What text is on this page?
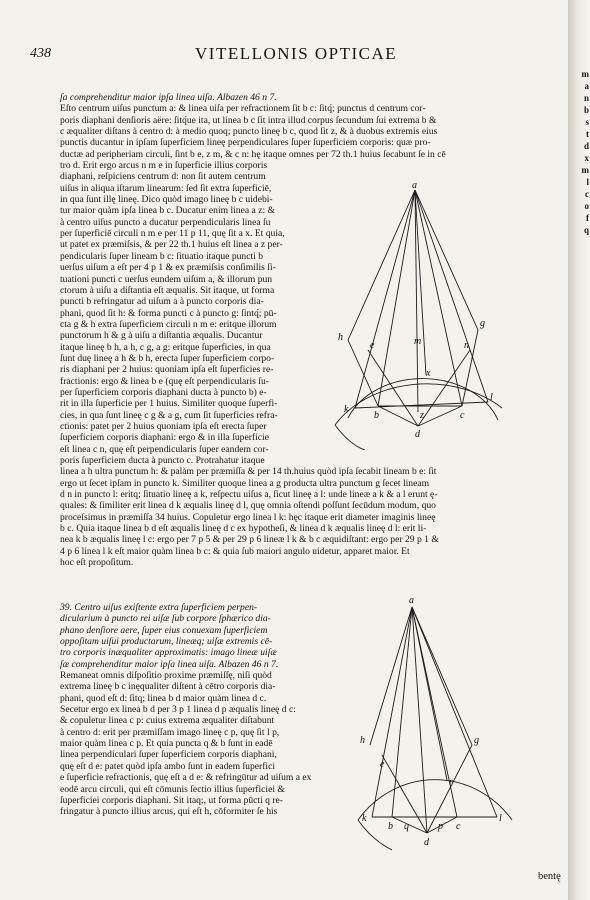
m
a
n
b
s
t
d
x
m
l
c
o
f
q
438	VITELLONIS OPTICAE
ſa comprehenditur maior ipſa linea uiſa. Albazen 46 n 7.
Eſto centrum uiſus punctum a: & linea uiſa per refractionem ſit b c: ſitq́; punctus d centrum cor-
poris diaphani denſioris aëre: ſitq́ue ita, ut linea b c ſit intra illud corpus ſecundum ſui extrema b &
c æqualiter diſtans à centro d: à medio quoq; puncto lineę b c, quod ſit z, & à duobus extremis eius
punctis ducantur in ipſam ſuperficiem lineę perpendiculares ſuper ſuperficiem corporis: quæ pro-
ductæ ad peripheriam circuli, ſint b e, z m, & c n: hę itaque omnes per 72 th.1 huius ſecabunt ſe in cē
tro d. Erit ergo arcus n m e in ſuperficie illius corporis
diaphani, reſpiciens centrum d: non ſit autem centrum
uiſus in aliqua iſtarum linearum: ſed ſit extra ſuperficiē,
in qua ſunt illę lineę. Dico quòd imago lineę b c uidebi-
tur maior quàm ipſa linea b c. Ducatur enim linea a z: &
à centro uiſus puncto a ducatur perpendicularis linea ſu
per ſuperficiē circuli n m e per 11 p 11, quę ſit a x. Et quia,
ut patet ex præmiſsis, & per 22 th.1 huius eſt linea a z per-
pendicularis ſuper lineam b c: ſituatio itaque puncti b
uerſus uiſum a eſt per 4 p 1 & ex præmiſsis conſimilis ſi-
tuationi puncti c uerſus eundem uiſum a, & illorum pun
ctorum à uiſu a diſtantia eſt æqualis. Sit itaque, ut forma
puncti b refringatur ad uiſum a à puncto corporis dia-
phani, quod ſit h: & forma puncti c à puncto g: ſintq́; pū-
cta g & h extra ſuperficiem circuli n m e: eritque illorum
punctorum h & g à uiſu a diſtantia æqualis. Ducantur
itaque lineę b h, a h, c g, a g: eritque ſuperficies, in qua
ſunt duę lineę a h & b h, erecta ſuper ſuperficiem corpo-
ris diaphani per 2 huius: quoniam ipſa eſt ſuperficies re-
fractionis: ergo & linea b e (quę eſt perpendicularis ſu-
per ſuperficiem corporis diaphani ducta à puncto b) e-
rit in illa ſuperficie per 1 huius. Similiter quoque ſuperfi-
cies, in qua ſunt lineę c g & a g, cum ſit ſuperficies refra-
ctionis: patet per 2 huius quoniam ipſa eſt erecta ſuper
ſuperficiem corporis diaphani: ergo & in illa ſuperficie
eſt linea c n, quę eſt perpendicularis ſuper eandem cor-
poris ſuperficiem ducta à puncto c. Protrahatur itaque
linea a h ultra punctum h: & palàm per præmiſſa & per 14 th.huius quòd ipſa ſecabit lineam b e: ſit
ergo ut ſecet ipſam in puncto k. Similiter quoque linea a g producta ultra punctum g ſecet lineam
d n in puncto l: eritq; ſituatio lineę a k, reſpectu uiſus a, ſicut lineę a l: unde lineæ a k & a l erunt ę-
quales: & ſimiliter erit linea d k æqualis lineę d l, quę omnia oſtendi poſſunt ſecūdum modum, quo
proceſsimus in præmiſſa 34 huius. Copuletur ergo linea l k: hęc itaque erit diameter imaginis lineę
b c. Quia itaque linea b d eſt æqualis lineę d c ex hypotheſi, & linea d k æqualis lineę d l: erit li-
nea k b æqualis lineę l c: ergo per 7 p 5 & per 29 p 6 lineæ l k & b c æquidiſtant: ergo per 29 p 1 &
4 p 6 linea l k eſt maior quàm linea b c: & quia ſub maiori angulo uidetur, apparet maior. Et
hoc eſt propoſitum.
a
h
g
e	m	n
x
k
b	z	c
l
d
39. Centro uiſus exiſtente extra ſuperficiem perpen-
dicularium à puncto rei uiſæ ſub corpore ſphærico dia-
phano denſiore aere, ſuper eius conuexam ſuperficiem
oppoſitam uiſui productarum, lineæq; uiſæ extremis cē-
tro corporis inæqualiter approximatis: imago lineæ uiſæ
ſæ comprehenditur maior ipſa linea uiſa. Albazen 46 n 7.
Remaneat omnis diſpoſitio proxime præmiſſę, niſi quòd
extrema lineę b c inęqualiter diſtent à cētro corporis dia-
phani, quod eſt d: ſitq; linea b d maior quàm linea d c.
Secetur ergo ex linea b d per 3 p 1 linea d p æqualis lineę d c:
& copuletur linea c p: cuius extrema æqualiter diſtabunt
à centro d: erit per præmiſſam imago lineę c p, quę ſit l p,
maior quàm linea c p. Et quia puncta q & b ſunt in eadē
linea perpendiculari ſuper ſuperficiem corporis diaphani,
quę eſt d e: patet quòd ipſa ambo ſunt in eadem ſuperfici
e ſuperficie refractionis, quę eſt a d e: & refringūtur ad uiſum a ex
eodē arcu circuli, qui eſt cōmunis ſectio illius ſuperficiei &
ſuperficiei corporis diaphani. Sit itaq;, ut forma pūcti q re-
fringatur à puncto illius arcus, qui eſt h, cōformiter ſe his
a
h	g
e
r
k
b q	p c
l
d
bentę
